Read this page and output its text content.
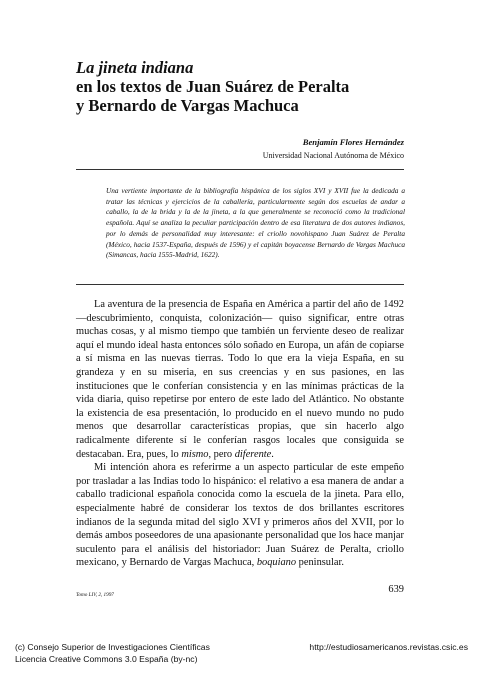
La jineta indiana
en los textos de Juan Suárez de Peralta
y Bernardo de Vargas Machuca
Benjamín Flores Hernández
Universidad Nacional Autónoma de México

Una vertiente importante de la bibliografía hispánica de los siglos XVI y XVII fue la dedicada a tratar las técnicas y ejercicios de la caballería, particularmente según dos escuelas de andar a caballo, la de la brida y la de la jineta, a la que generalmente se reconoció como la tradicional española. Aquí se analiza la peculiar participación dentro de esa literatura de dos autores indianos, por lo demás de personalidad muy interesante: el criollo novohispano Juan Suárez de Peralta (México, hacia 1537-España, después de 1596) y el capitán boyacense Bernardo de Vargas Machuca (Simancas, hacia 1555-Madrid, 1622).

La aventura de la presencia de España en América a partir del año de 1492 —descubrimiento, conquista, colonización— quiso significar, entre otras muchas cosas, y al mismo tiempo que también un ferviente deseo de realizar aquí el mundo ideal hasta entonces sólo soñado en Europa, un afán de copiarse a sí misma en las nuevas tierras. Todo lo que era la vieja España, en su grandeza y en su miseria, en sus creencias y en sus pasiones, en las instituciones que le conferían consistencia y en las mínimas prácticas de la vida diaria, quiso repetirse por entero de este lado del Atlántico. No obstante la existencia de esa presentación, lo producido en el nuevo mundo no pudo menos que desarrollar características propias, que sin hacerlo algo radicalmente diferente sí le conferían rasgos locales que consiguida se destacaban. Era, pues, lo mismo, pero diferente.

Mi intención ahora es referirme a un aspecto particular de este empeño por trasladar a las Indias todo lo hispánico: el relativo a esa manera de andar a caballo tradicional española conocida como la escuela de la jineta. Para ello, especialmente habré de considerar los textos de dos brillantes escritores indianos de la segunda mitad del siglo XVI y primeros años del XVII, por lo demás ambos poseedores de una apasionante personalidad que los hace manjar suculento para el análisis del historiador: Juan Suárez de Peralta, criollo mexicano, y Bernardo de Vargas Machuca, boquiano peninsular.

Tomo LIV, 2, 1997	639
(c) Consejo Superior de Investigaciones Científicas
Licencia Creative Commons 3.0 España (by-nc)
http://estudiosamericanos.revistas.csic.es
